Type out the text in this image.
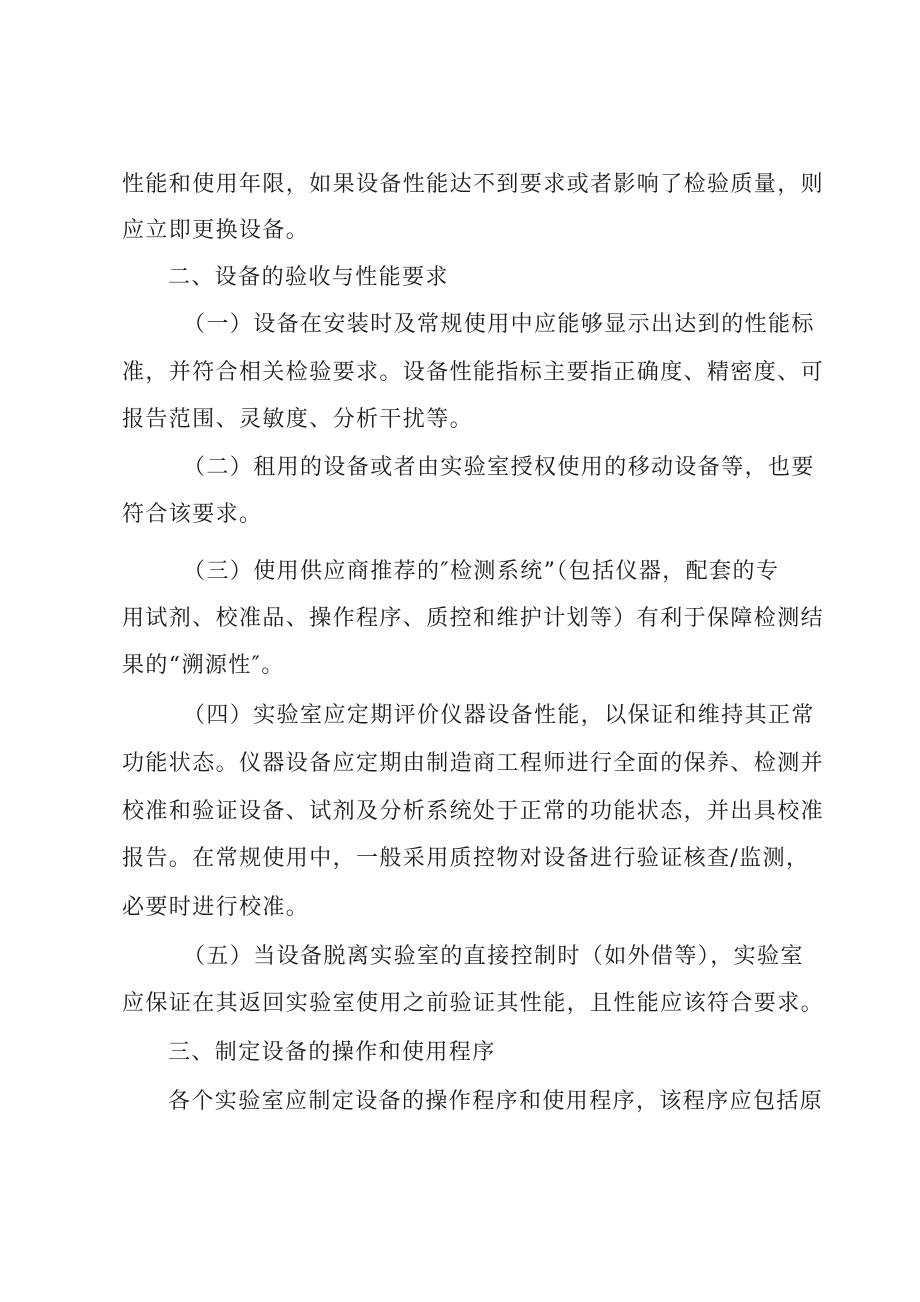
性能和使用年限，如果设备性能达不到要求或者影响了检验质量，则
应立即更换设备。
二、设备的验收与性能要求
（一）设备在安装时及常规使用中应能够显示出达到的性能标
准，并符合相关检验要求。设备性能指标主要指正确度、精密度、可
报告范围、灵敏度、分析干扰等。
（二）租用的设备或者由实验室授权使用的移动设备等，也要
符合该要求。
（三）使用供应商推荐的″检测系统”（包括仪器，配套的专
用试剂、校准品、操作程序、质控和维护计划等）有利于保障检测结
果的“溯源性″。
（四）实验室应定期评价仪器设备性能，以保证和维持其正常
功能状态。仪器设备应定期由制造商工程师进行全面的保养、检测并
校准和验证设备、试剂及分析系统处于正常的功能状态，并出具校准
报告。在常规使用中，一般采用质控物对设备进行验证核查/监测，
必要时进行校准。
（五）当设备脱离实验室的直接控制时（如外借等），实验室
应保证在其返回实验室使用之前验证其性能，且性能应该符合要求。
三、制定设备的操作和使用程序
各个实验室应制定设备的操作程序和使用程序，该程序应包括原
